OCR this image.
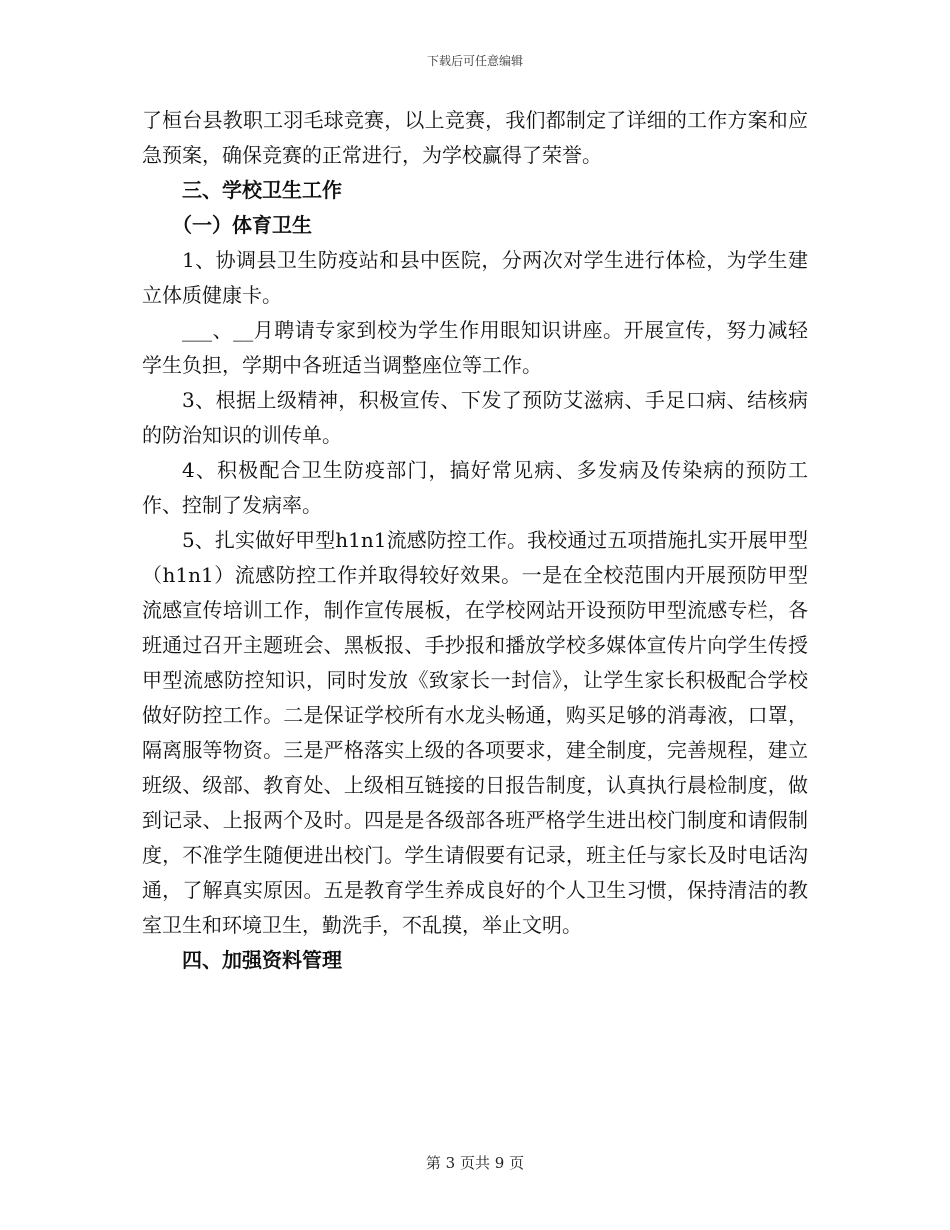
下载后可任意编辑

了桓台县教职工羽毛球竞赛，以上竞赛，我们都制定了详细的工作方案和应急预案，确保竞赛的正常进行，为学校赢得了荣誉。

三、学校卫生工作

（一）体育卫生

1、协调县卫生防疫站和县中医院，分两次对学生进行体检，为学生建立体质健康卡。

___、__月聘请专家到校为学生作用眼知识讲座。开展宣传，努力减轻学生负担，学期中各班适当调整座位等工作。

3、根据上级精神，积极宣传、下发了预防艾滋病、手足口病、结核病的防治知识的训传单。

4、积极配合卫生防疫部门，搞好常见病、多发病及传染病的预防工作、控制了发病率。

5、扎实做好甲型h1n1流感防控工作。我校通过五项措施扎实开展甲型（h1n1）流感防控工作并取得较好效果。一是在全校范围内开展预防甲型流感宣传培训工作，制作宣传展板，在学校网站开设预防甲型流感专栏，各班通过召开主题班会、黑板报、手抄报和播放学校多媒体宣传片向学生传授甲型流感防控知识，同时发放《致家长一封信》，让学生家长积极配合学校做好防控工作。二是保证学校所有水龙头畅通，购买足够的消毒液，口罩，隔离服等物资。三是严格落实上级的各项要求，建全制度，完善规程，建立班级、级部、教育处、上级相互链接的日报告制度，认真执行晨检制度，做到记录、上报两个及时。四是是各级部各班严格学生进出校门制度和请假制度，不准学生随便进出校门。学生请假要有记录，班主任与家长及时电话沟通，了解真实原因。五是教育学生养成良好的个人卫生习惯，保持清洁的教室卫生和环境卫生，勤洗手，不乱摸，举止文明。

四、加强资料管理

第 3 页共 9 页
